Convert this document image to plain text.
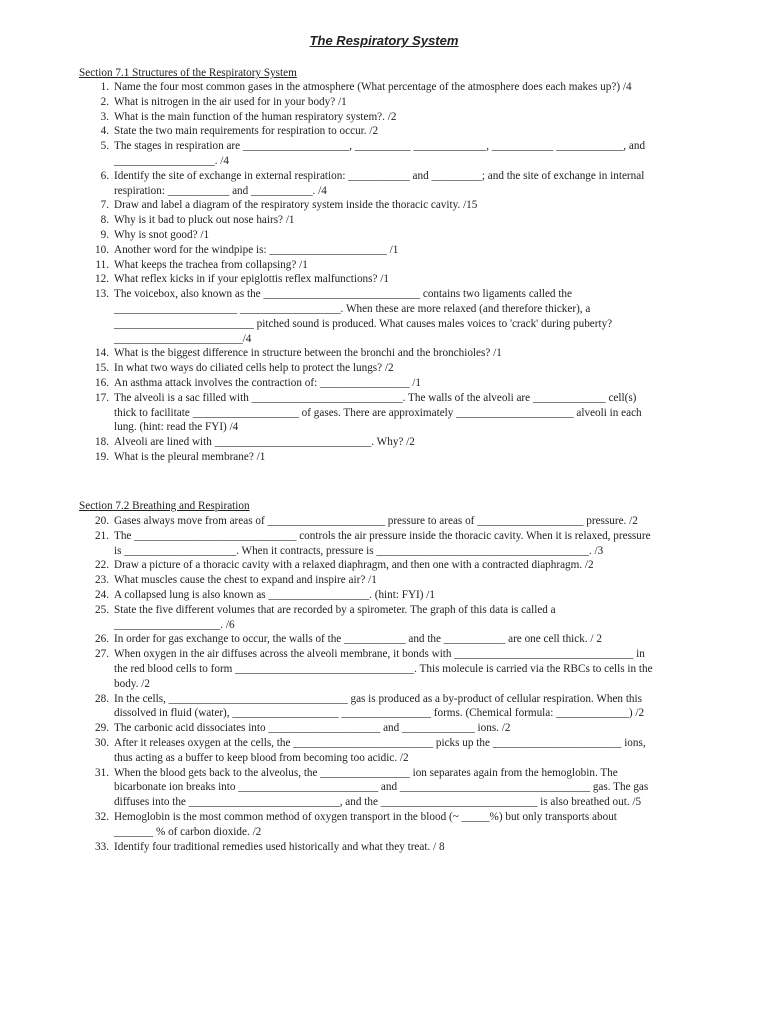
The Respiratory System
Section 7.1 Structures of the Respiratory System
1. Name the four most common gases in the atmosphere (What percentage of the atmosphere does each makes up?) /4
2. What is nitrogen in the air used for in your body? /1
3. What is the main function of the human respiratory system?. /2
4. State the two main requirements for respiration to occur. /2
5. The stages in respiration are ___________________, __________ _____________, ___________ ____________, and __________________. /4
6. Identify the site of exchange in external respiration: ___________ and _________; and the site of exchange in internal respiration: ___________ and ___________. /4
7. Draw and label a diagram of the respiratory system inside the thoracic cavity. /15
8. Why is it bad to pluck out nose hairs? /1
9. Why is snot good? /1
10. Another word for the windpipe is: _____________________ /1
11. What keeps the trachea from collapsing? /1
12. What reflex kicks in if your epiglottis reflex malfunctions? /1
13. The voicebox, also known as the ____________________________ contains two ligaments called the ______________________ __________________. When these are more relaxed (and therefore thicker), a _________________________ pitched sound is produced. What causes males voices to 'crack' during puberty? _______________________/4
14. What is the biggest difference in structure between the bronchi and the bronchioles? /1
15. In what two ways do ciliated cells help to protect the lungs? /2
16. An asthma attack involves the contraction of: ________________ /1
17. The alveoli is a sac filled with ___________________________. The walls of the alveoli are _____________ cell(s) thick to facilitate ___________________ of gases. There are approximately _____________________ alveoli in each lung. (hint: read the FYI) /4
18. Alveoli are lined with ____________________________. Why? /2
19. What is the pleural membrane? /1
Section 7.2 Breathing and Respiration
20. Gases always move from areas of _____________________ pressure to areas of ___________________ pressure. /2
21. The _____________________________ controls the air pressure inside the thoracic cavity. When it is relaxed, pressure is ____________________. When it contracts, pressure is ______________________________________. /3
22. Draw a picture of a thoracic cavity with a relaxed diaphragm, and then one with a contracted diaphragm. /2
23. What muscles cause the chest to expand and inspire air? /1
24. A collapsed lung is also known as __________________. (hint: FYI) /1
25. State the five different volumes that are recorded by a spirometer. The graph of this data is called a ___________________. /6
26. In order for gas exchange to occur, the walls of the ___________ and the ___________ are one cell thick. / 2
27. When oxygen in the air diffuses across the alveoli membrane, it bonds with ________________________________ in the red blood cells to form ________________________________. This molecule is carried via the RBCs to cells in the body. /2
28. In the cells, ________________________________ gas is produced as a by-product of cellular respiration. When this dissolved in fluid (water), ___________________ ________________ forms. (Chemical formula: _____________) /2
29. The carbonic acid dissociates into ____________________ and _____________ ions. /2
30. After it releases oxygen at the cells, the _________________________ picks up the _______________________ ions, thus acting as a buffer to keep blood from becoming too acidic. /2
31. When the blood gets back to the alveolus, the ________________ ion separates again from the hemoglobin. The bicarbonate ion breaks into _________________________ and __________________________________ gas. The gas diffuses into the ___________________________, and the ____________________________ is also breathed out. /5
32. Hemoglobin is the most common method of oxygen transport in the blood (~ _____%) but only transports about _______ % of carbon dioxide. /2
33. Identify four traditional remedies used historically and what they treat. / 8
